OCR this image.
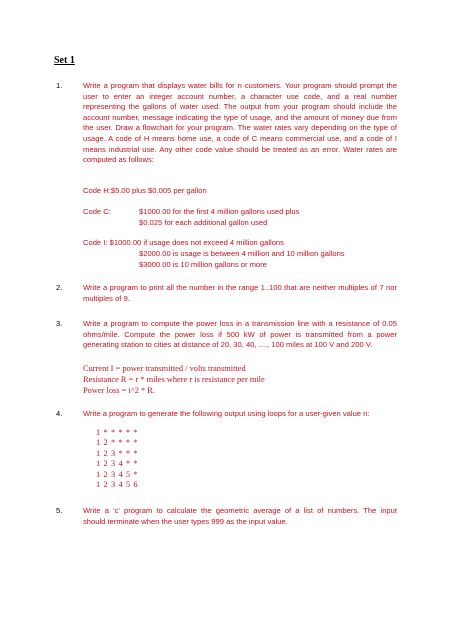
Set 1
1.	Write a program that displays water bills for n customers. Your program should prompt the user to enter an integer account number, a character use code, and a real number representing the gallons of water used. The output from your program should include the account number, message indicating the type of usage, and the amount of money due from the user. Draw a flowchart for your program. The water rates vary depending on the type of usage. A code of H means home use, a code of C means commercial use, and a code of I means industrial use. Any other code value should be treated as an error. Water rates are computed as follows:
Code H:$5.00 plus $0.005 per gallon
Code C:	$1000.00 for the first 4 million gallons used plus
$0.025 for each additional gallon used
Code I: $1000.00 if usage does not exceed 4 million gallons
$2000.00 is usage is between 4 million and 10 million gallons
$3000.00 is 10 million gallons or more
2.	Write a program to print all the number in the range 1..100 that are neither multiples of 7 nor multiples of 9.
3.	Write a program to compute the power loss in a transmission line with a resistance of 0.05 ohms/mile. Compute the power loss if 500 kW of power is transmitted from a power generating station to cities at distance of 20, 30, 40, ...., 100 miles at 100 V and 200 V.
Current I = power transmitted / volts transmitted
Resistance R = r * miles where r is resistance per mile
Power loss = i^2 * R.
4.	Write a program to generate the following output using loops for a user-given value n:
1 * * * * *
1 2 * * * *
1 2 3 * * *
1 2 3 4 * *
1 2 3 4 5 *
1 2 3 4 5 6
5.	Write a 'c' program to calculate the geometric average of a list of numbers. The input     should terminate when the user types 999 as the input value.
